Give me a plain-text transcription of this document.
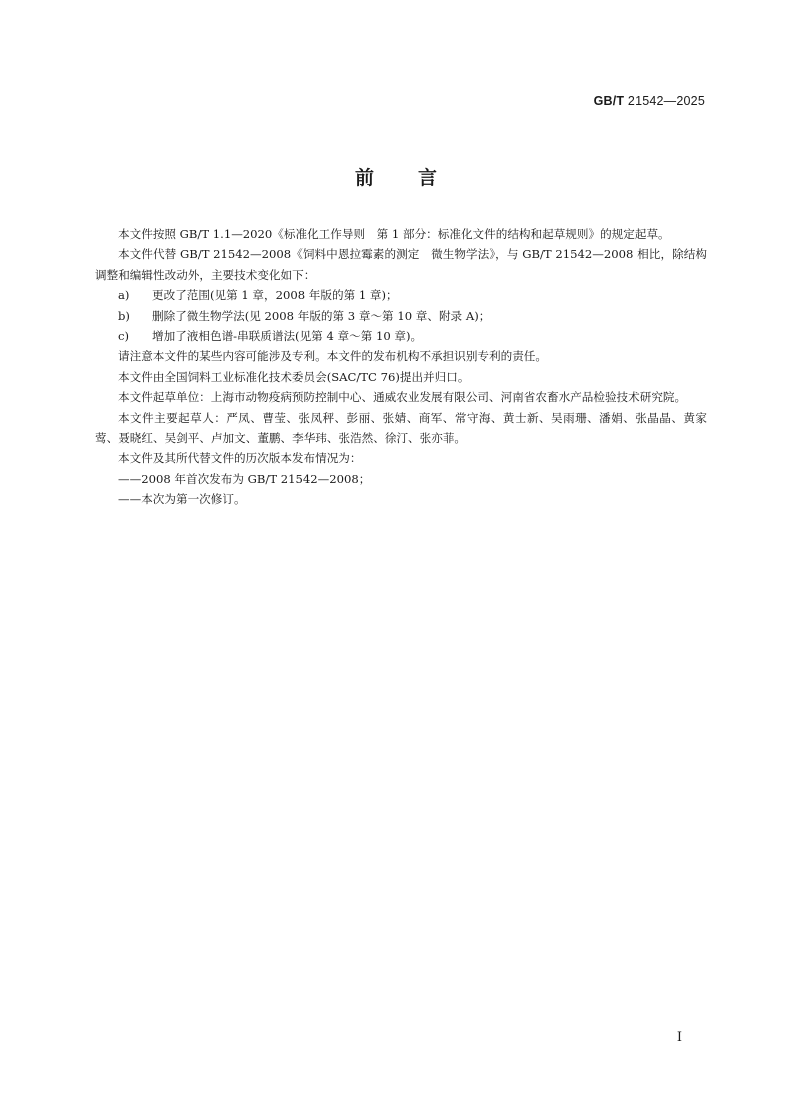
GB/T 21542—2025
前言

本文件按照 GB/T 1.1—2020《标准化工作导则　第 1 部分：标准化文件的结构和起草规则》的规定起草。

本文件代替 GB/T 21542—2008《饲料中恩拉霉素的测定　微生物学法》，与 GB/T 21542—2008 相比，除结构调整和编辑性改动外，主要技术变化如下：

a) 更改了范围(见第 1 章，2008 年版的第 1 章)；

b) 删除了微生物学法(见 2008 年版的第 3 章～第 10 章、附录 A)；

c) 增加了液相色谱-串联质谱法(见第 4 章～第 10 章)。

请注意本文件的某些内容可能涉及专利。本文件的发布机构不承担识别专利的责任。

本文件由全国饲料工业标准化技术委员会(SAC/TC 76)提出并归口。

本文件起草单位：上海市动物疫病预防控制中心、通威农业发展有限公司、河南省农畜水产品检验技术研究院。

本文件主要起草人：严凤、曹莹、张凤秤、彭丽、张婧、商军、常守海、黄士新、吴雨珊、潘娟、张晶晶、黄家莺、聂晓红、吴剑平、卢加文、董鹏、李华玮、张浩然、徐汀、张亦菲。

本文件及其所代替文件的历次版本发布情况为：

——2008 年首次发布为 GB/T 21542—2008；

——本次为第一次修订。

I
